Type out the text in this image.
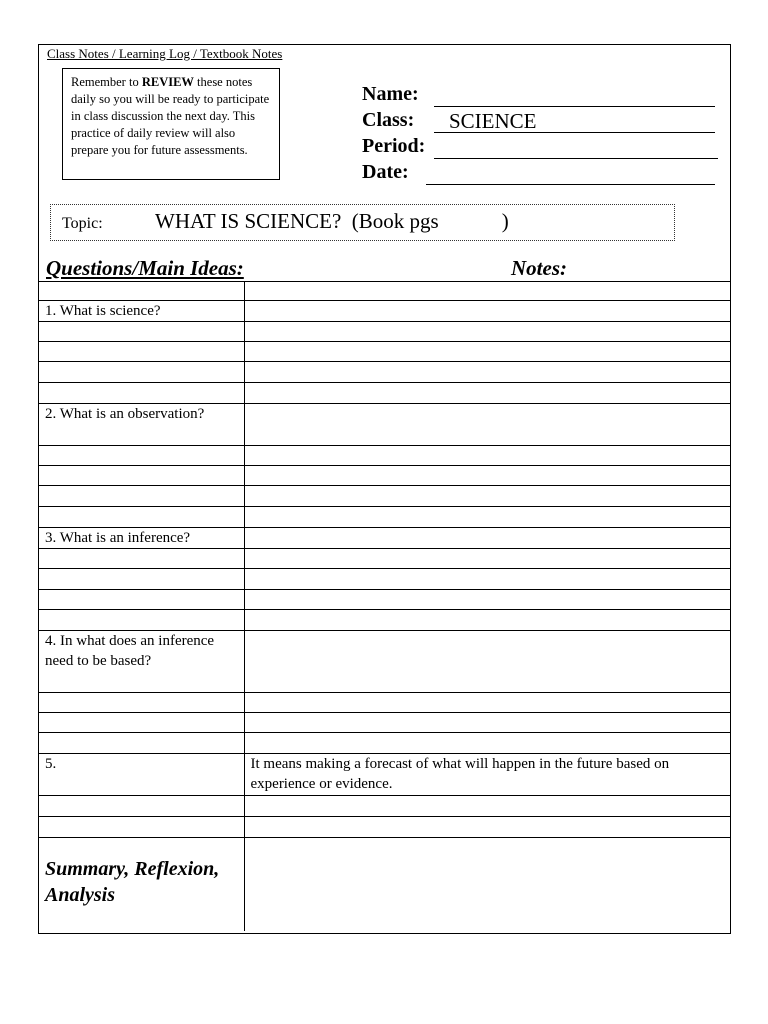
Class Notes / Learning Log / Textbook Notes
Remember to REVIEW these notes daily so you will be ready to participate in class discussion the next day. This practice of daily review will also prepare you for future assessments.
Name:
Class: SCIENCE
Period:
Date:
Topic: WHAT IS SCIENCE?  (Book pgs            )
Questions/Main Ideas:	Notes:

1. What is science?	

2. What is an observation?	

3. What is an inference?	

4. In what does an inference need to be based?	

5.	It means making a forecast of what will happen in the future based on experience or evidence.

Summary, Reflexion, Analysis	
